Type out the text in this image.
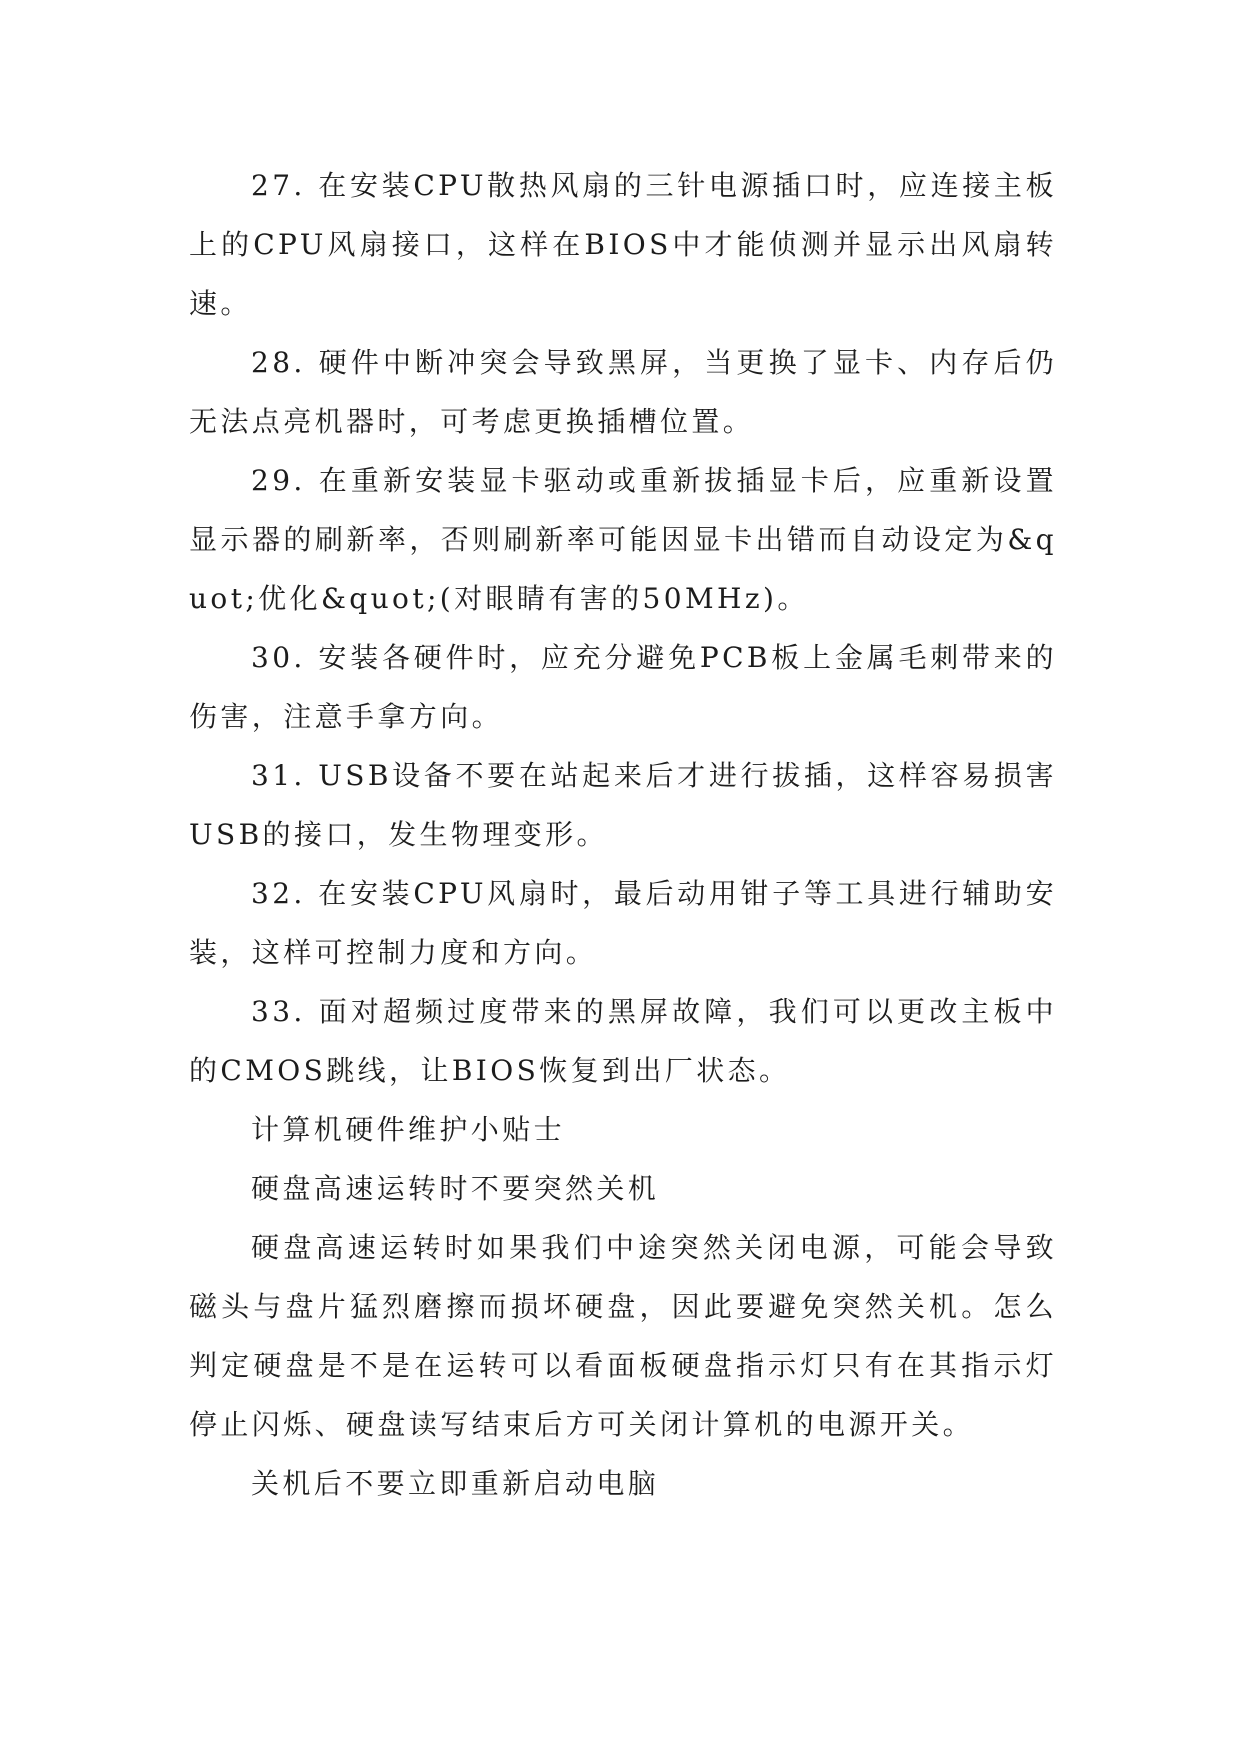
27. 在安装CPU散热风扇的三针电源插口时，应连接主板上的CPU风扇接口，这样在BIOS中才能侦测并显示出风扇转速。

28. 硬件中断冲突会导致黑屏，当更换了显卡、内存后仍无法点亮机器时，可考虑更换插槽位置。

29. 在重新安装显卡驱动或重新拔插显卡后，应重新设置显示器的刷新率，否则刷新率可能因显卡出错而自动设定为&quot;优化&quot;(对眼睛有害的50MHz)。

30. 安装各硬件时，应充分避免PCB板上金属毛刺带来的伤害，注意手拿方向。

31. USB设备不要在站起来后才进行拔插，这样容易损害USB的接口，发生物理变形。

32. 在安装CPU风扇时，最后动用钳子等工具进行辅助安装，这样可控制力度和方向。

33. 面对超频过度带来的黑屏故障，我们可以更改主板中的CMOS跳线，让BIOS恢复到出厂状态。

计算机硬件维护小贴士

硬盘高速运转时不要突然关机

硬盘高速运转时如果我们中途突然关闭电源，可能会导致磁头与盘片猛烈磨擦而损坏硬盘，因此要避免突然关机。怎么判定硬盘是不是在运转可以看面板硬盘指示灯只有在其指示灯停止闪烁、硬盘读写结束后方可关闭计算机的电源开关。

关机后不要立即重新启动电脑
